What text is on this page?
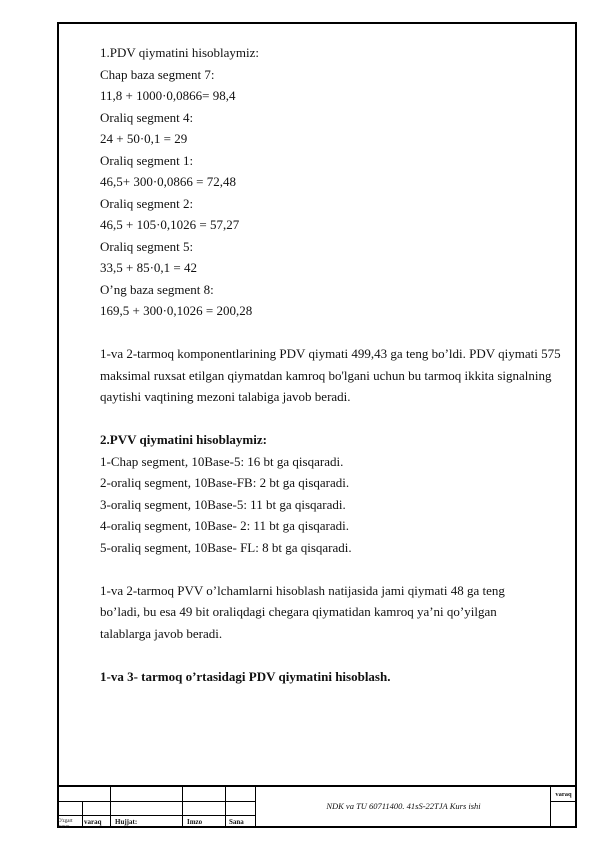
1.PDV qiymatini hisoblaymiz:
Chap baza segment 7:
11,8 + 1000·0,0866= 98,4
Oraliq segment 4:
24 + 50·0,1 = 29
Oraliq segment 1:
46,5+ 300·0,0866 = 72,48
Oraliq segment 2:
46,5 + 105·0,1026 = 57,27
Oraliq segment 5:
33,5 + 85·0,1 = 42
O’ng baza segment 8:
169,5 + 300·0,1026 = 200,28
1-va 2-tarmoq komponentlarining PDV qiymati 499,43 ga teng bo’ldi. PDV qiymati 575 maksimal ruxsat etilgan qiymatdan kamroq bo'lgani uchun bu tarmoq ikkita signalning qaytishi vaqtining mezoni talabiga javob beradi.
2.PVV qiymatini hisoblaymiz:
1-Chap segment, 10Base-5: 16 bt ga qisqaradi.
2-oraliq segment, 10Base-FB: 2 bt ga qisqaradi.
3-oraliq segment, 10Base-5: 11 bt ga qisqaradi.
4-oraliq segment, 10Base- 2: 11 bt ga qisqaradi.
5-oraliq segment, 10Base- FL: 8 bt ga qisqaradi.
1-va 2-tarmoq PVV o’lchamlarni hisoblash natijasida jami qiymati 48 ga teng bo’ladi, bu esa 49 bit oraliqdagi chegara qiymatidan kamroq ya’ni qo’yilgan talablarga javob beradi.
1-va 3- tarmoq o’rtasidagi PDV qiymatini hisoblash.
O'zgart varaq Hujjat:	Imzo	Sana
mmm
NDK va TU 60711400. 41sS-22TJA Kurs ishi
varaq
